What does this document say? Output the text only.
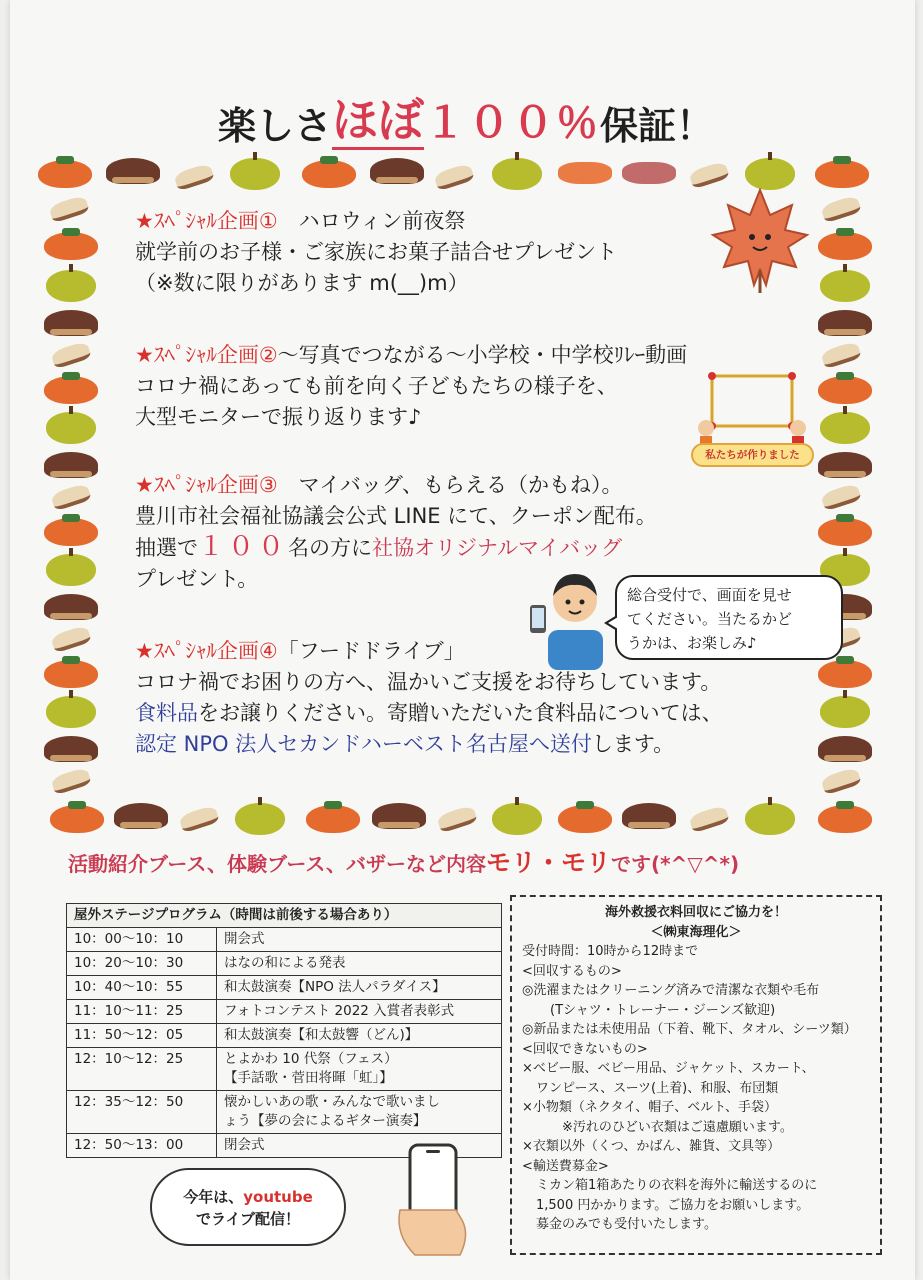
楽しさほぼ１００％保証！
★ｽﾍﾟｼｬﾙ企画①　ハロウィン前夜祭
就学前のお子様・ご家族にお菓子詰合せプレゼント
（※数に限りがあります m(__)m）
★ｽﾍﾟｼｬﾙ企画②～写真でつながる～小学校・中学校ﾘﾚｰ動画
コロナ禍にあっても前を向く子どもたちの様子を、
大型モニターで振り返ります♪
私たちが作りました
★ｽﾍﾟｼｬﾙ企画③　マイバッグ、もらえる（かもね）。
豊川市社会福祉協議会公式 LINE にて、クーポン配布。
抽選で１００名の方に社協オリジナルマイバッグ
プレゼント。
総合受付で、画面を見せ
てください。当たるかど
うかは、お楽しみ♪
★ｽﾍﾟｼｬﾙ企画④「フードドライブ」
コロナ禍でお困りの方へ、温かいご支援をお待ちしています。
食料品をお譲りください。寄贈いただいた食料品については、
認定 NPO 法人セカンドハーベスト名古屋へ送付します。
活動紹介ブース、体験ブース、バザーなど内容モリ・モリです(*^▽^*)
屋外ステージプログラム（時間は前後する場合あり）	
10：00～10：10	開会式
10：20～10：30	はなの和による発表
10：40～10：55	和太鼓演奏【NPO 法人パラダイス】
11：10～11：25	フォトコンテスト 2022 入賞者表彰式
11：50～12：05	和太鼓演奏【和太鼓響（どん)】
12：10～12：25	とよかわ 10 代祭（フェス）
【手話歌・菅田将暉「虹」】

12：35～12：50	懐かしいあの歌・みんなで歌いまし
ょう【夢の会によるギター演奏】

12：50～13：00	閉会式
今年は、youtube
でライブ配信！
海外救援衣料回収にご協力を！
＜㈱東海理化＞
受付時間：10時から12時まで
<回収するもの>
◎洗濯またはクリーニング済みで清潔な衣類や毛布
(Tシャツ・トレーナー・ジーンズ歓迎)
◎新品または未使用品（下着、靴下、タオル、シーツ類）
<回収できないもの>
×ベビー服、ベビー用品、ジャケット、スカート、
ワンピース、スーツ(上着)、和服、布団類
×小物類（ネクタイ、帽子、ベルト、手袋）
※汚れのひどい衣類はご遠慮願います。
×衣類以外（くつ、かばん、雑貨、文具等）
<輸送費募金>
ミカン箱1箱あたりの衣料を海外に輸送するのに
1,500 円かかります。ご協力をお願いします。
募金のみでも受付いたします。
